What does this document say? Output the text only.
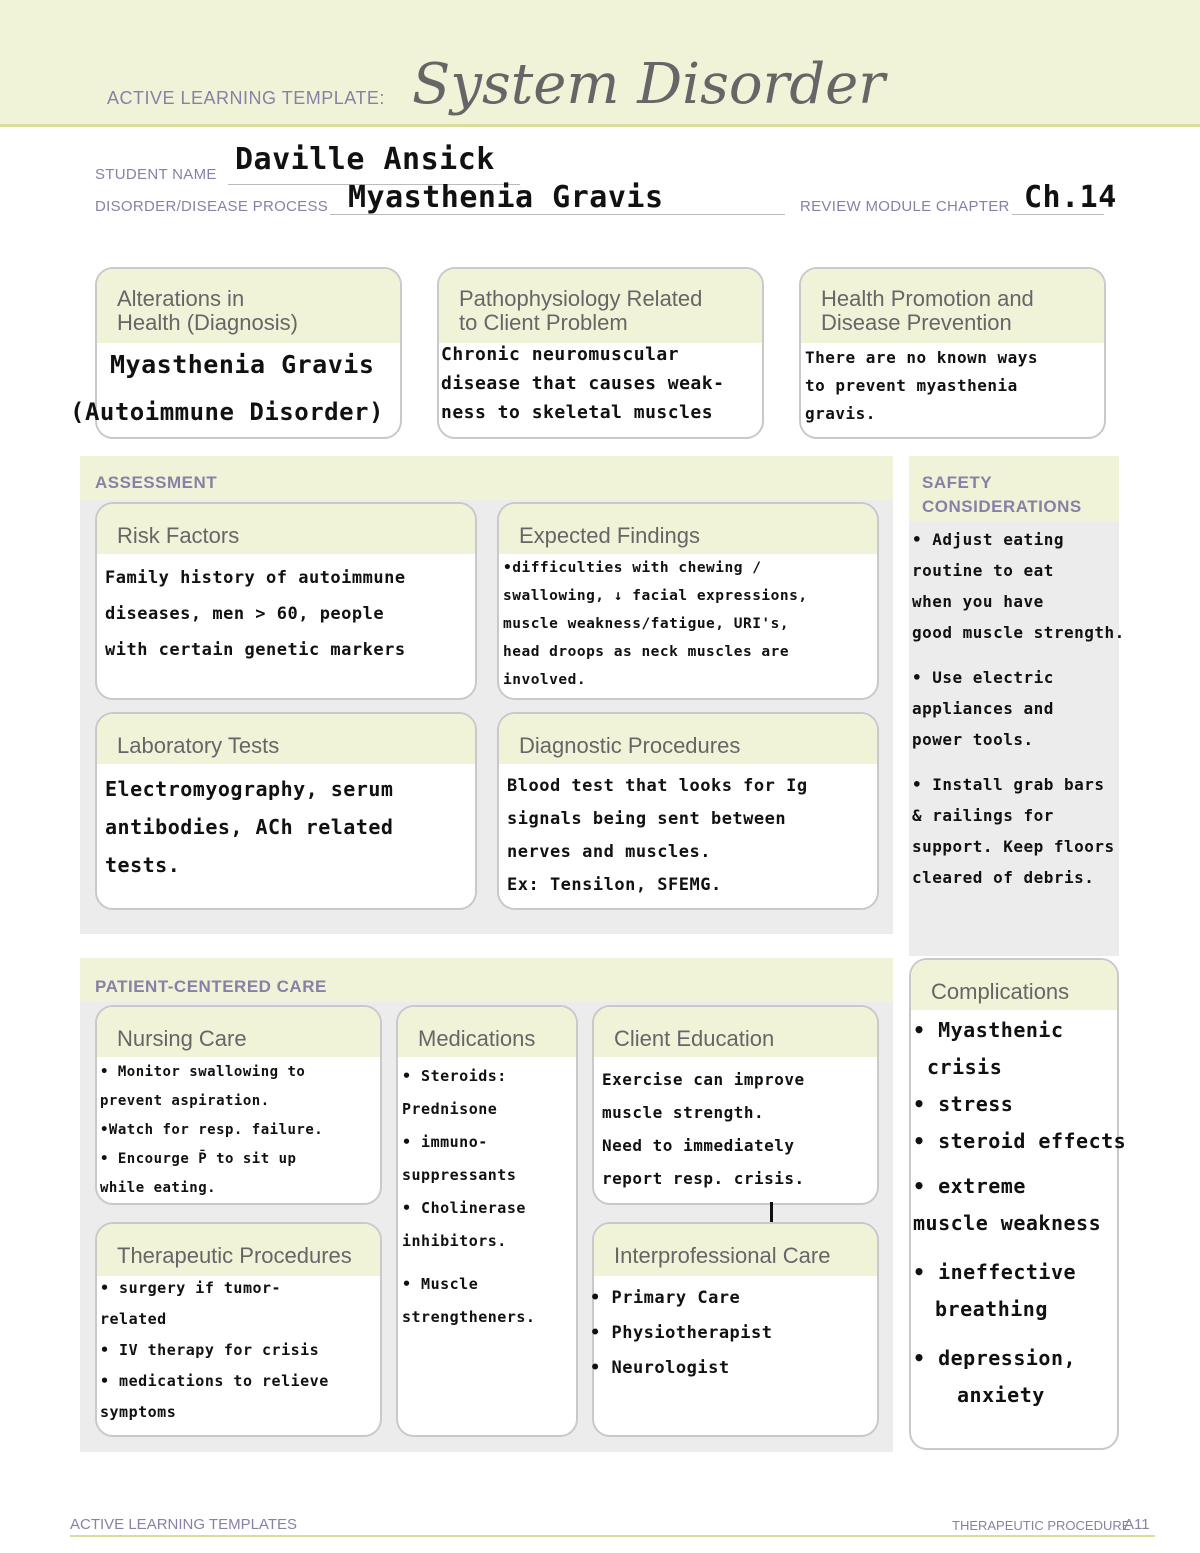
ACTIVE LEARNING TEMPLATE: System Disorder
STUDENT NAME Daville Ansick
DISORDER/DISEASE PROCESS Myasthenia Gravis	REVIEW MODULE CHAPTER Ch.14
Alterations in
Health (Diagnosis)
Myasthenia Gravis
(Autoimmune Disorder)
Pathophysiology Related
to Client Problem
Chronic neuromuscular
disease that causes weak-
ness to skeletal muscles
Health Promotion and
Disease Prevention
There are no known ways
to prevent myasthenia
gravis.
ASSESSMENT
Risk Factors
Family history of autoimmune
diseases, men > 60, people
with certain genetic markers
Expected Findings
•difficulties with chewing /
swallowing, ↓ facial expressions,
muscle weakness/fatigue, URI's,
head droops as neck muscles are
involved.
Laboratory Tests
Electromyography, serum
antibodies, ACh related
tests.
Diagnostic Procedures
Blood test that looks for Ig
signals being sent between
nerves and muscles.
Ex: Tensilon, SFEMG.
SAFETY
CONSIDERATIONS
• Adjust eating
routine to eat
when you have
good muscle strength.
• Use electric
appliances and
power tools.
• Install grab bars
& railings for
support. Keep floors
cleared of debris.
PATIENT-CENTERED CARE
Nursing Care
• Monitor swallowing to
prevent aspiration.
•Watch for resp. failure.
• Encourge P̄ to sit up
while eating.
Medications
• Steroids:
Prednisone
• immuno-
suppressants
• Cholinerase
inhibitors.
• Muscle
strengtheners.
Client Education
Exercise can improve
muscle strength.
Need to immediately
report resp. crisis.
Therapeutic Procedures
• surgery if tumor-
related
• IV therapy for crisis
• medications to relieve
symptoms
Interprofessional Care
• Primary Care
• Physiotherapist
• Neurologist
Complications
• Myasthenic
crisis
• stress
• steroid effects
• extreme
muscle weakness
• ineffective
breathing
• depression,
anxiety
ACTIVE LEARNING TEMPLATES	THERAPEUTIC PROCEDURE
A11
